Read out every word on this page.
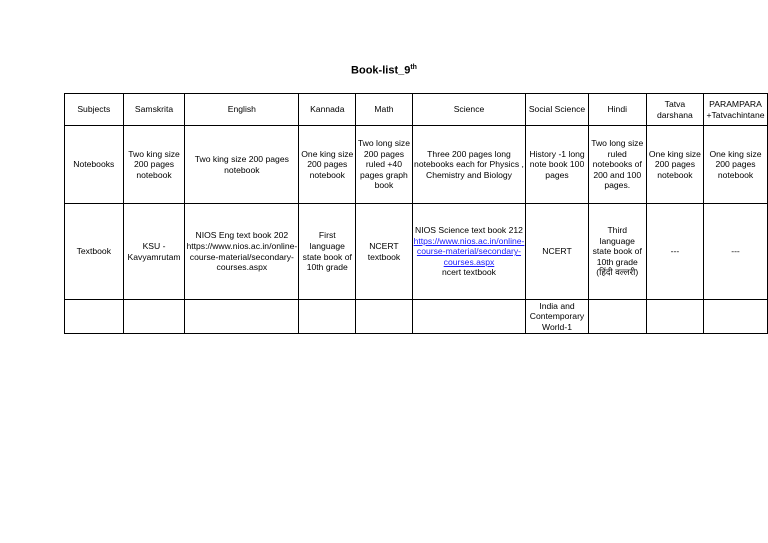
Book-list_9th
Subjects	Samskrita	English	Kannada	Math	Science	Social Science	Hindi	Tatva darshana	PARAMPARA +Tatvachintane
Notebooks	Two king size 200 pages notebook	Two king size 200 pages notebook	One king size 200 pages notebook	Two long size 200 pages ruled +40 pages graph book	Three 200 pages long notebooks each for Physics , Chemistry and Biology	History -1 long note book 100 pages	Two long size ruled notebooks of 200 and 100 pages.	One king size 200 pages notebook	One king size 200 pages notebook
Textbook	KSU - Kavyamrutam	NIOS Eng text book 202 https://www.nios.ac.in/online-course-material/secondary-courses.aspx	First language state book of 10th grade	NCERT textbook	NIOS Science text book 212
https://www.nios.ac.in/online-course-material/secondary-courses.aspx
ncert textbook	NCERT	Third language state book of 10th grade (हिंदी वल्लरी)	---	---
						India and Contemporary World-1			
